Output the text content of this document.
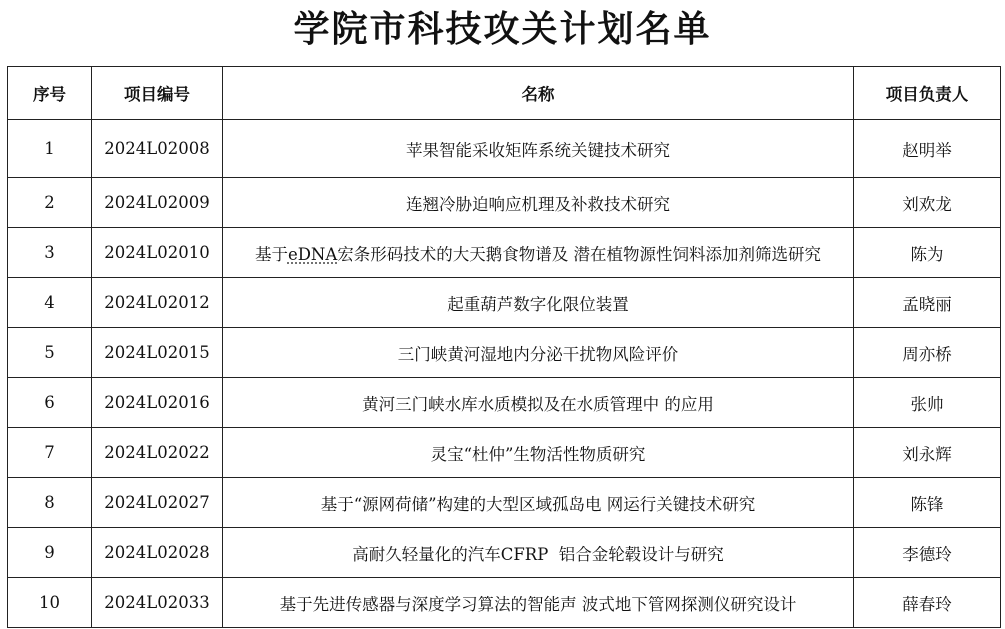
学院市科技攻关计划名单
序号	项目编号	名称	项目负责人
1	2024L02008	苹果智能采收矩阵系统关键技术研究	赵明举
2	2024L02009	连翘冷胁迫响应机理及补救技术研究	刘欢龙
3	2024L02010	基于eDNA宏条形码技术的大天鹅食物谱及 潜在植物源性饲料添加剂筛选研究	陈为
4	2024L02012	起重葫芦数字化限位装置	孟晓丽
5	2024L02015	三门峡黄河湿地内分泌干扰物风险评价	周亦桥
6	2024L02016	黄河三门峡水库水质模拟及在水质管理中 的应用	张帅
7	2024L02022	灵宝“杜仲”生物活性物质研究	刘永辉
8	2024L02027	基于“源网荷储”构建的大型区域孤岛电 网运行关键技术研究	陈锋
9	2024L02028	高耐久轻量化的汽车CFRP  铝合金轮毂设计与研究	李德玲
10	2024L02033	基于先进传感器与深度学习算法的智能声 波式地下管网探测仪研究设计	薛春玲
